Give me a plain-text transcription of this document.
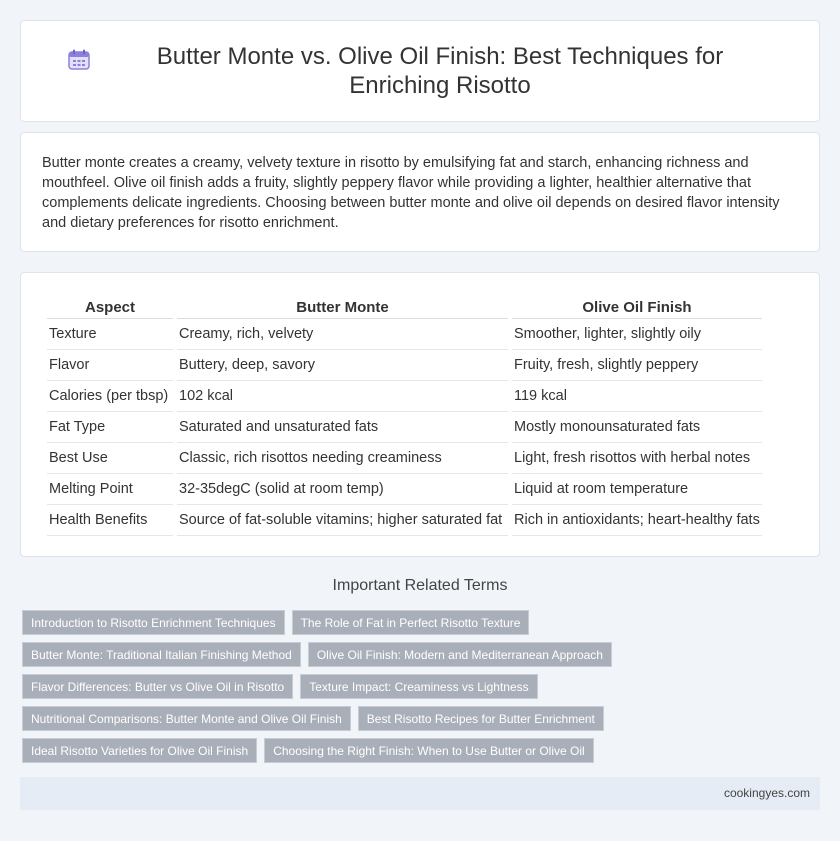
Butter Monte vs. Olive Oil Finish: Best Techniques for Enriching Risotto

Butter monte creates a creamy, velvety texture in risotto by emulsifying fat and starch, enhancing richness and mouthfeel. Olive oil finish adds a fruity, slightly peppery flavor while providing a lighter, healthier alternative that complements delicate ingredients. Choosing between butter monte and olive oil depends on desired flavor intensity and dietary preferences for risotto enrichment.

Aspect	Butter Monte	Olive Oil Finish
Texture	Creamy, rich, velvety	Smoother, lighter, slightly oily
Flavor	Buttery, deep, savory	Fruity, fresh, slightly peppery
Calories (per tbsp)	102 kcal	119 kcal
Fat Type	Saturated and unsaturated fats	Mostly monounsaturated fats
Best Use	Classic, rich risottos needing creaminess	Light, fresh risottos with herbal notes
Melting Point	32-35degC (solid at room temp)	Liquid at room temperature
Health Benefits	Source of fat-soluble vitamins; higher saturated fat	Rich in antioxidants; heart-healthy fats
Important Related Terms
Introduction to Risotto Enrichment Techniques	The Role of Fat in Perfect Risotto Texture
Butter Monte: Traditional Italian Finishing Method	Olive Oil Finish: Modern and Mediterranean Approach
Flavor Differences: Butter vs Olive Oil in Risotto	Texture Impact: Creaminess vs Lightness
Nutritional Comparisons: Butter Monte and Olive Oil Finish	Best Risotto Recipes for Butter Enrichment
Ideal Risotto Varieties for Olive Oil Finish	Choosing the Right Finish: When to Use Butter or Olive Oil
cookingyes.com
